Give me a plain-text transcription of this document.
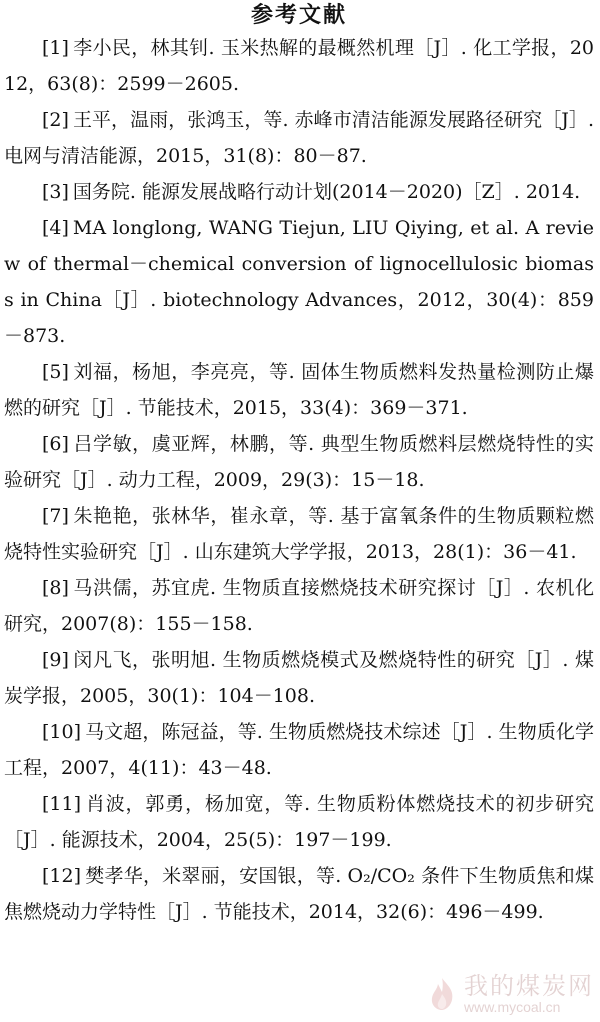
参考文献

[1] 李小民，林其钊. 玉米热解的最概然机理［J］. 化工学报，2012，63(8)：2599－2605.

[2] 王平，温雨，张鸿玉，等. 赤峰市清洁能源发展路径研究［J］. 电网与清洁能源，2015，31(8)：80－87.

[3] 国务院. 能源发展战略行动计划(2014－2020)［Z］. 2014.

[4] MA longlong, WANG Tiejun, LIU Qiying, et al. A review of thermal－chemical conversion of lignocellulosic biomass in China［J］. biotechnology Advances，2012，30(4)：859－873.

[5] 刘福，杨旭，李亮亮，等. 固体生物质燃料发热量检测防止爆燃的研究［J］. 节能技术，2015，33(4)：369－371.

[6] 吕学敏，虞亚辉，林鹏，等. 典型生物质燃料层燃烧特性的实验研究［J］. 动力工程，2009，29(3)：15－18.

[7] 朱艳艳，张林华，崔永章，等. 基于富氧条件的生物质颗粒燃烧特性实验研究［J］. 山东建筑大学学报，2013，28(1)：36－41.

[8] 马洪儒，苏宜虎. 生物质直接燃烧技术研究探讨［J］. 农机化研究，2007(8)：155－158.

[9] 闵凡飞，张明旭. 生物质燃烧模式及燃烧特性的研究［J］. 煤炭学报，2005，30(1)：104－108.

[10] 马文超，陈冠益，等. 生物质燃烧技术综述［J］. 生物质化学工程，2007，4(11)：43－48.

[11] 肖波，郭勇，杨加宽，等. 生物质粉体燃烧技术的初步研究［J］. 能源技术，2004，25(5)：197－199.

[12] 樊孝华，米翠丽，安国银，等. O₂/CO₂ 条件下生物质焦和煤焦燃烧动力学特性［J］. 节能技术，2014，32(6)：496－499.

我的煤炭网
www.mycoal.cn
